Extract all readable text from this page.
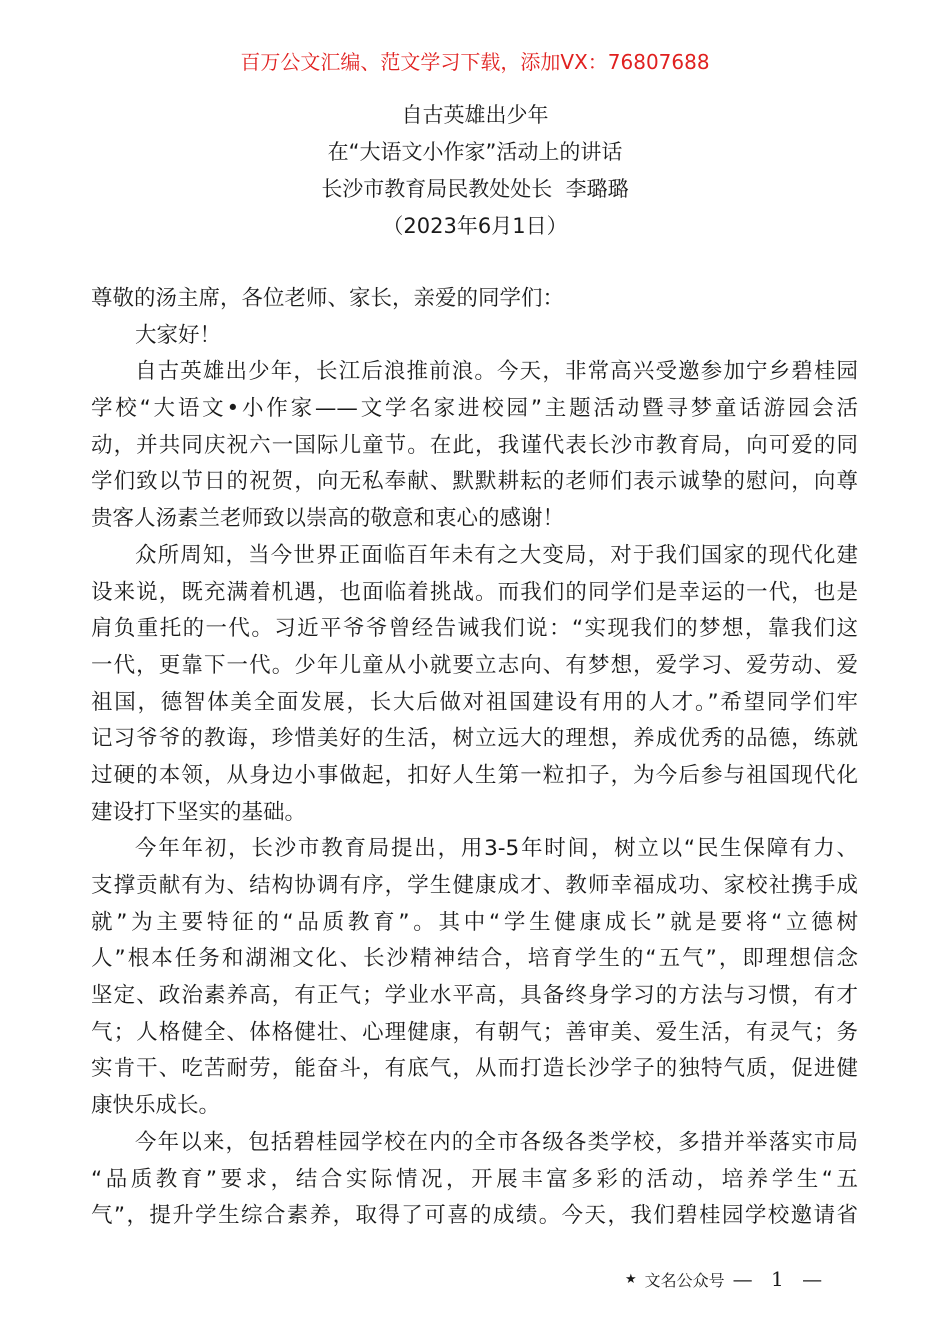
百万公文汇编、范文学习下载，添加VX：76807688
自古英雄出少年
在“大语文小作家”活动上的讲话
长沙市教育局民教处处长  李璐璐
（2023年6月1日）
尊敬的汤主席，各位老师、家长，亲爱的同学们：
大家好！
自古英雄出少年，长江后浪推前浪。今天，非常高兴受邀参加宁乡碧桂园
学校“大语文•小作家——文学名家进校园”主题活动暨寻梦童话游园会活
动，并共同庆祝六一国际儿童节。在此，我谨代表长沙市教育局，向可爱的同
学们致以节日的祝贺，向无私奉献、默默耕耘的老师们表示诚挚的慰问，向尊
贵客人汤素兰老师致以崇高的敬意和衷心的感谢！
众所周知，当今世界正面临百年未有之大变局，对于我们国家的现代化建
设来说，既充满着机遇，也面临着挑战。而我们的同学们是幸运的一代，也是
肩负重托的一代。习近平爷爷曾经告诫我们说：“实现我们的梦想，靠我们这
一代，更靠下一代。少年儿童从小就要立志向、有梦想，爱学习、爱劳动、爱
祖国，德智体美全面发展，长大后做对祖国建设有用的人才。”希望同学们牢
记习爷爷的教诲，珍惜美好的生活，树立远大的理想，养成优秀的品德，练就
过硬的本领，从身边小事做起，扣好人生第一粒扣子，为今后参与祖国现代化
建设打下坚实的基础。
今年年初，长沙市教育局提出，用3-5年时间，树立以“民生保障有力、
支撑贡献有为、结构协调有序，学生健康成才、教师幸福成功、家校社携手成
就”为主要特征的“品质教育”。其中“学生健康成长”就是要将“立德树
人”根本任务和湖湘文化、长沙精神结合，培育学生的“五气”，即理想信念
坚定、政治素养高，有正气；学业水平高，具备终身学习的方法与习惯，有才
气；人格健全、体格健壮、心理健康，有朝气；善审美、爱生活，有灵气；务
实肯干、吃苦耐劳，能奋斗，有底气，从而打造长沙学子的独特气质，促进健
康快乐成长。
今年以来，包括碧桂园学校在内的全市各级各类学校，多措并举落实市局
“品质教育”要求，结合实际情况，开展丰富多彩的活动，培养学生“五
气”，提升学生综合素养，取得了可喜的成绩。今天，我们碧桂园学校邀请省
★ 文名公众号 — 1 —
